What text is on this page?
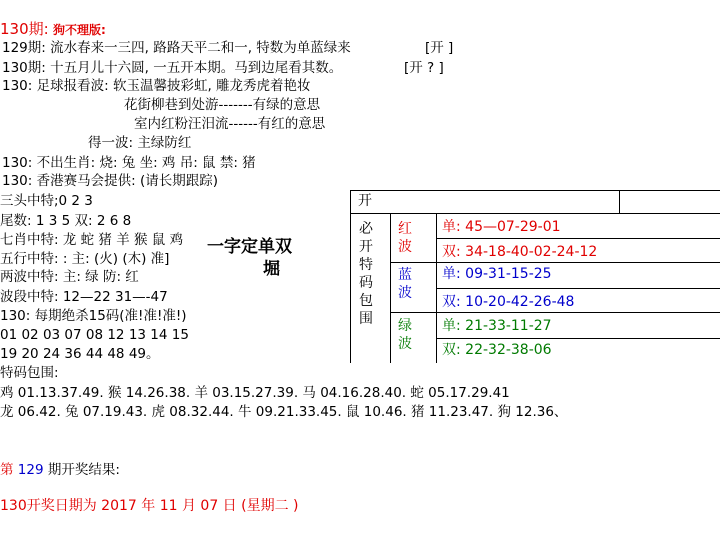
130期: 狗不理版:
129期: 流水春来一三四, 路路天平二和一, 特数为单蓝绿来	[开 ]
130期: 十五月儿十六圆, 一五开本期。马到边尾看其数。	[开 ? ]
130: 足球报看波: 软玉温馨披彩虹, 雕龙秀虎着艳妆
花街柳巷到处游-------有绿的意思
室内红粉汪汨流------有红的意思
得一波: 主绿防红
130: 不出生肖: 烧: 兔 坐: 鸡 吊: 鼠 禁: 猪
130: 香港赛马会提供: (请长期跟踪)
三头中特;0 2 3
尾数: 1 3 5 双: 2 6 8
七肖中特: 龙 蛇 猪 羊 猴 鼠 鸡
五行中特: : 主: (火) (木) 准]
两波中特: 主: 绿 防: 红
波段中特: 12—22 31—-47
130: 每期绝杀15码(准!准!准!)
01 02 03 07 08 12 13 14 15
19 20 24 36 44 48 49。
特码包围:
鸡 01.13.37.49. 猴 14.26.38. 羊 03.15.27.39. 马 04.16.28.40. 蛇 05.17.29.41
龙 06.42. 兔 07.19.43. 虎 08.32.44. 牛 09.21.33.45. 鼠 10.46. 猪 11.23.47. 狗 12.36、
第 129 期开奖结果:
130开奖日期为 2017 年 11 月 07 日 (星期二 )
一字定单双
堀
开
必开特码包围
红波
蓝波
绿波
单: 45—07-29-01
双: 34-18-40-02-24-12
单: 09-31-15-25
双: 10-20-42-26-48
单: 21-33-11-27
双: 22-32-38-06
